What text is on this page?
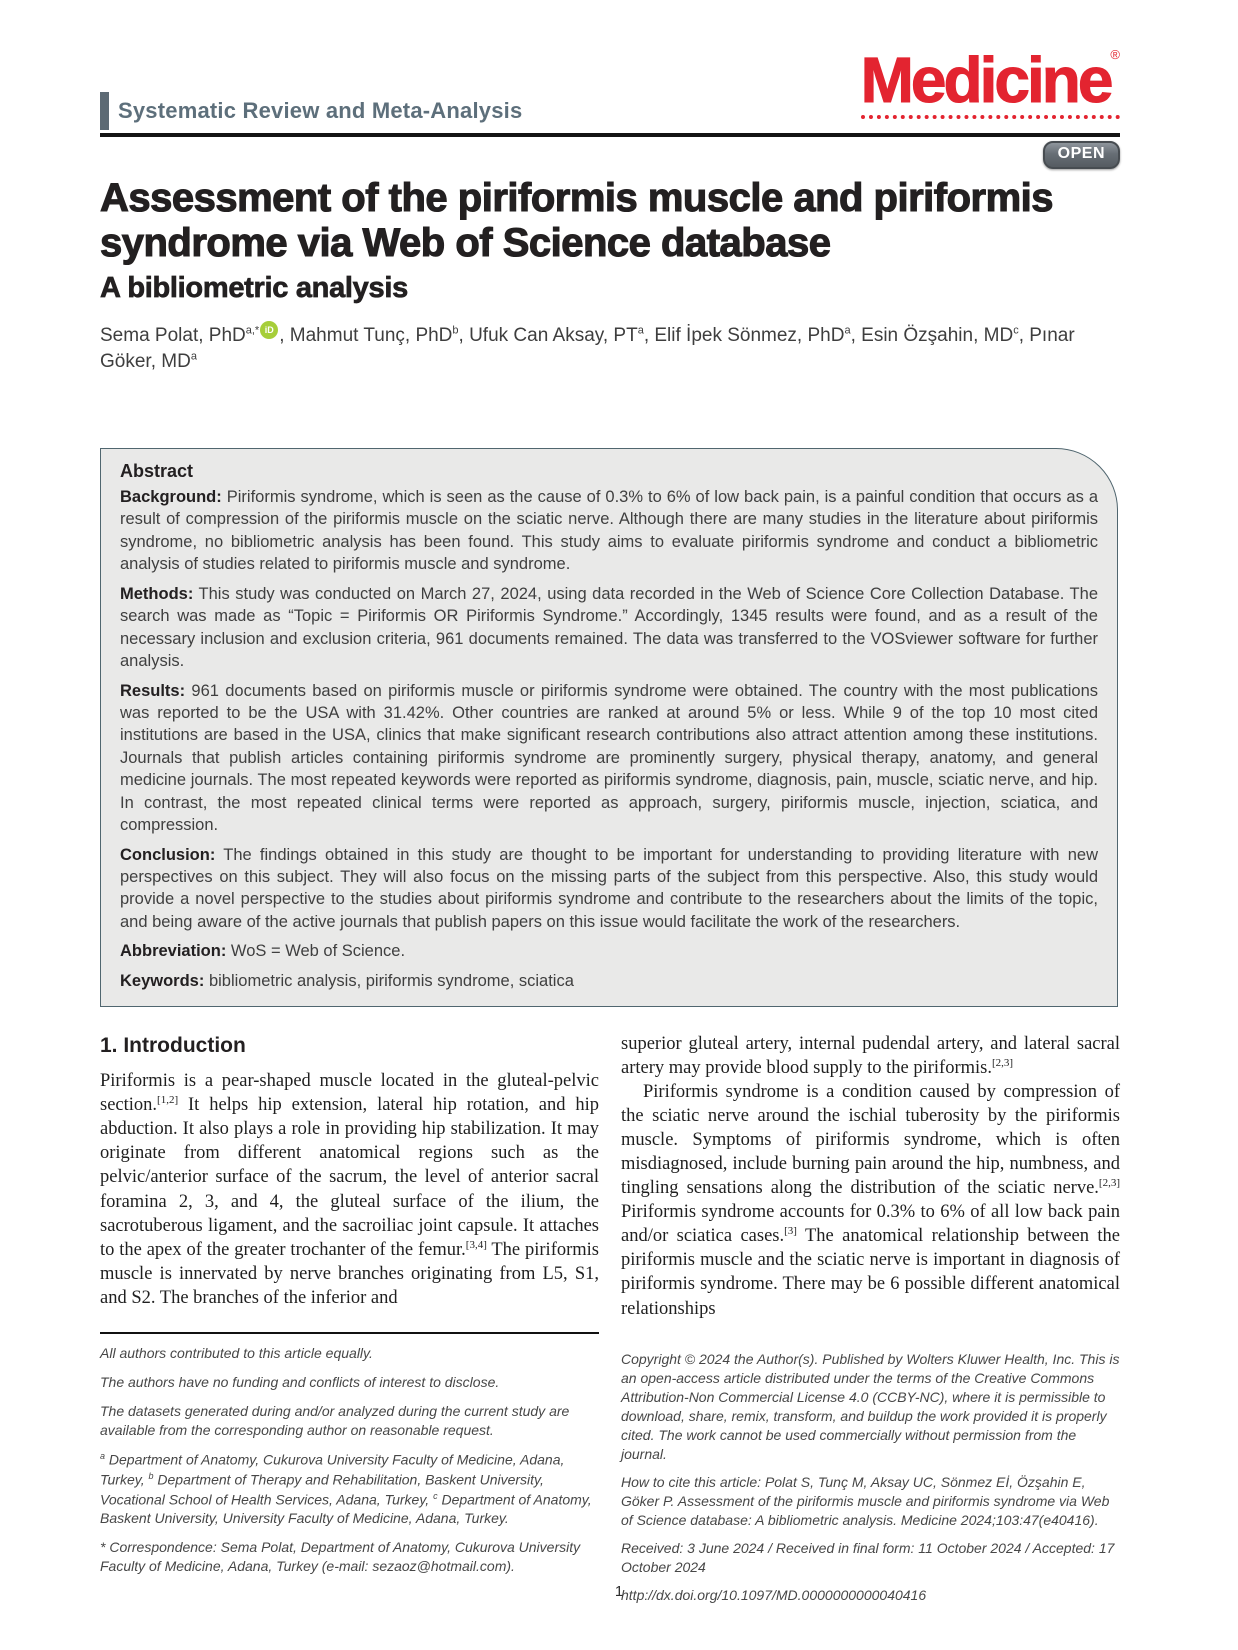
Medicine®
Systematic Review and Meta-Analysis
OPEN
Assessment of the piriformis muscle and piriformis syndrome via Web of Science database
A bibliometric analysis
Sema Polat, PhD$^{a,*}$ iD , Mahmut Tunç, PhD$^b$, Ufuk Can Aksay, $PT^a$, Elif İpek Sönmez, PhD$^a$, Esin Özşahin, $MD^c$, Pınar Göker, $MD^a$
Abstract

Background: Piriformis syndrome, which is seen as the cause of 0.3% to 6% of low back pain, is a painful condition that occurs as a result of compression of the piriformis muscle on the sciatic nerve. Although there are many studies in the literature about piriformis syndrome, no bibliometric analysis has been found. This study aims to evaluate piriformis syndrome and conduct a bibliometric analysis of studies related to piriformis muscle and syndrome.

Methods: This study was conducted on March 27, 2024, using data recorded in the Web of Science Core Collection Database. The search was made as “Topic = Piriformis OR Piriformis Syndrome.” Accordingly, 1345 results were found, and as a result of the necessary inclusion and exclusion criteria, 961 documents remained. The data was transferred to the VOSviewer software for further analysis.

Results: 961 documents based on piriformis muscle or piriformis syndrome were obtained. The country with the most publications was reported to be the USA with 31.42%. Other countries are ranked at around 5% or less. While 9 of the top 10 most cited institutions are based in the USA, clinics that make significant research contributions also attract attention among these institutions. Journals that publish articles containing piriformis syndrome are prominently surgery, physical therapy, anatomy, and general medicine journals. The most repeated keywords were reported as piriformis syndrome, diagnosis, pain, muscle, sciatic nerve, and hip. In contrast, the most repeated clinical terms were reported as approach, surgery, piriformis muscle, injection, sciatica, and compression.

Conclusion: The findings obtained in this study are thought to be important for understanding to providing literature with new perspectives on this subject. They will also focus on the missing parts of the subject from this perspective. Also, this study would provide a novel perspective to the studies about piriformis syndrome and contribute to the researchers about the limits of the topic, and being aware of the active journals that publish papers on this issue would facilitate the work of the researchers.

Abbreviation: WoS = Web of Science.

Keywords: bibliometric analysis, piriformis syndrome, sciatica

1. Introduction

Piriformis is a pear-shaped muscle located in the gluteal-pelvic section.[1,2] It helps hip extension, lateral hip rotation, and hip abduction. It also plays a role in providing hip stabilization. It may originate from different anatomical regions such as the pelvic/anterior surface of the sacrum, the level of anterior sacral foramina 2, 3, and 4, the gluteal surface of the ilium, the sacrotuberous ligament, and the sacroiliac joint capsule. It attaches to the apex of the greater trochanter of the femur.[3,4] The piriformis muscle is innervated by nerve branches originating from L5, S1, and S2. The branches of the inferior and

superior gluteal artery, internal pudendal artery, and lateral sacral artery may provide blood supply to the piriformis.[2,3]

Piriformis syndrome is a condition caused by compression of the sciatic nerve around the ischial tuberosity by the piriformis muscle. Symptoms of piriformis syndrome, which is often misdiagnosed, include burning pain around the hip, numbness, and tingling sensations along the distribution of the sciatic nerve.[2,3] Piriformis syndrome accounts for 0.3% to 6% of all low back pain and/or sciatica cases.[3] The anatomical relationship between the piriformis muscle and the sciatic nerve is important in diagnosis of piriformis syndrome. There may be 6 possible different anatomical relationships

All authors contributed to this article equally.

The authors have no funding and conflicts of interest to disclose.

The datasets generated during and/or analyzed during the current study are available from the corresponding author on reasonable request.

$^a$ Department of Anatomy, Cukurova University Faculty of Medicine, Adana, Turkey, $^b$ Department of Therapy and Rehabilitation, Baskent University, Vocational School of Health Services, Adana, Turkey, $^c$ Department of Anatomy, Baskent University, University Faculty of Medicine, Adana, Turkey.

* Correspondence: Sema Polat, Department of Anatomy, Cukurova University Faculty of Medicine, Adana, Turkey (e-mail: sezaoz@hotmail.com).

Copyright © 2024 the Author(s). Published by Wolters Kluwer Health, Inc. This is an open-access article distributed under the terms of the Creative Commons Attribution-Non Commercial License 4.0 (CCBY-NC), where it is permissible to download, share, remix, transform, and buildup the work provided it is properly cited. The work cannot be used commercially without permission from the journal.

How to cite this article: Polat S, Tunç M, Aksay UC, Sönmez Eİ, Özşahin E, Göker P. Assessment of the piriformis muscle and piriformis syndrome via Web of Science database: A bibliometric analysis. Medicine 2024;103:47(e40416).

Received: 3 June 2024 / Received in final form: 11 October 2024 / Accepted: 17 October 2024

http://dx.doi.org/10.1097/MD.0000000000040416

1
